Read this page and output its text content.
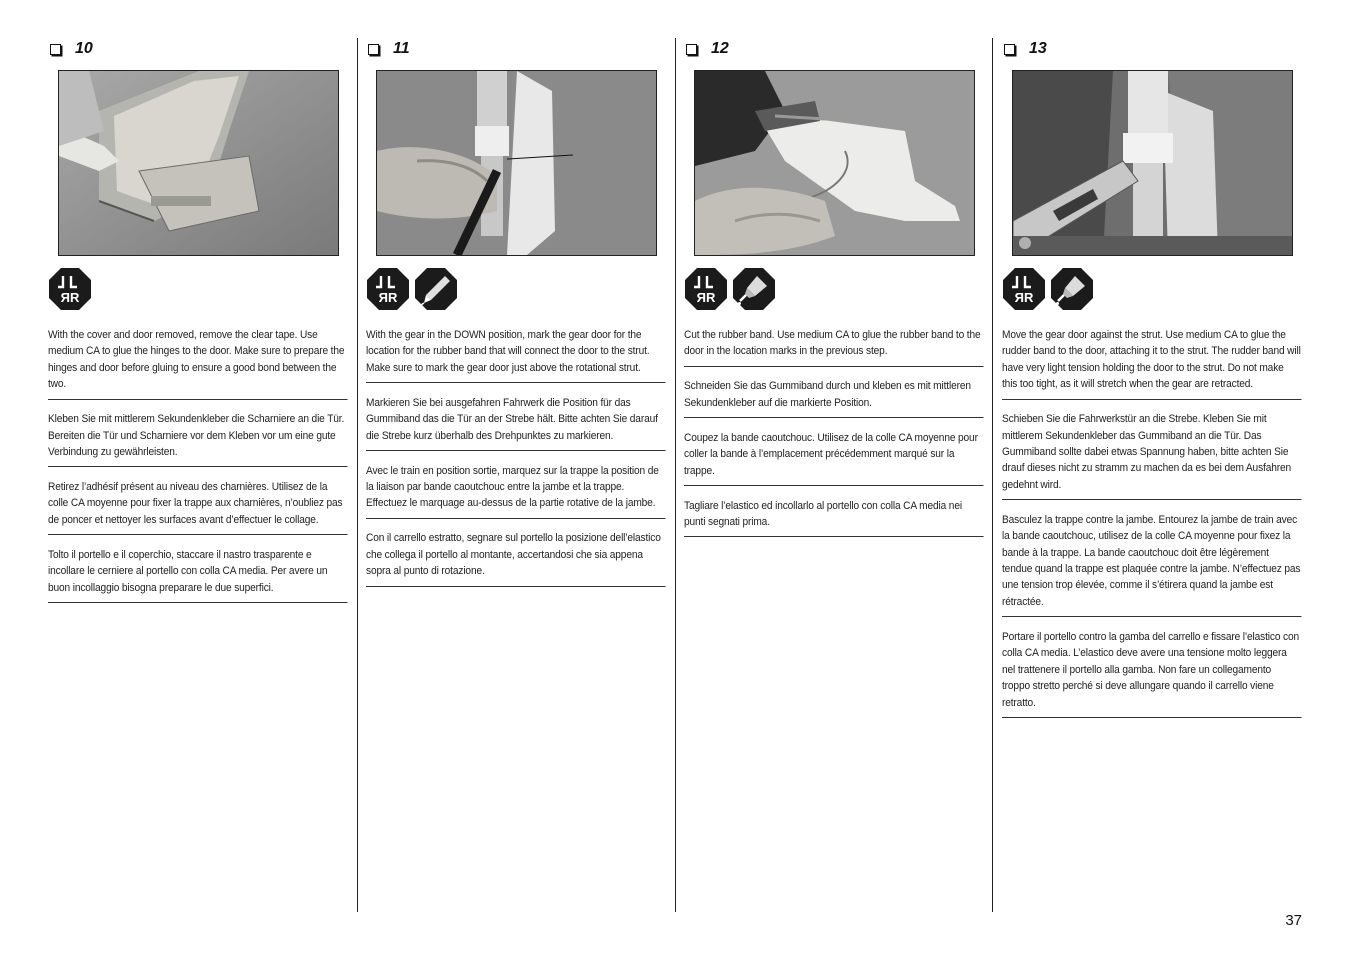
10
ЯR

With the cover and door removed, remove the clear tape. Use medium CA to glue the hinges to the door. Make sure to prepare the hinges and door before gluing to ensure a good bond between the two.

Kleben Sie mit mittlerem Sekundenkleber die Scharniere an die Tür. Bereiten die Tür und Scharniere vor dem Kleben vor um eine gute Verbindung zu gewährleisten.

Retirez l’adhésif présent au niveau des charnières. Utilisez de la colle CA moyenne pour fixer la trappe aux charnières, n’oubliez pas de poncer et nettoyer les surfaces avant d’effectuer le collage.

Tolto il portello e il coperchio, staccare il nastro trasparente e incollare le cerniere al portello con colla CA media. Per avere un buon incollaggio bisogna preparare le due superfici.

11
ЯR

With the gear in the DOWN position, mark the gear door for the location for the rubber band that will connect the door to the strut. Make sure to mark the gear door just above the rotational strut.

Markieren Sie bei ausgefahren Fahrwerk die Position für das Gummiband das die Tür an der Strebe hält. Bitte achten Sie darauf die Strebe kurz überhalb des Drehpunktes zu markieren.

Avec le train en position sortie, marquez sur la trappe la position de la liaison par bande caoutchouc entre la jambe et la trappe. Effectuez le marquage au-dessus de la partie rotative de la jambe.

Con il carrello estratto, segnare sul portello la posizione dell’elastico che collega il portello al montante, accertandosi che sia appena sopra al punto di rotazione.

12
ЯR

Cut the rubber band. Use medium CA to glue the rubber band to the door in the location marks in the previous step.

Schneiden Sie das Gummiband durch und kleben es mit mittleren Sekundenkleber auf die markierte Position.

Coupez la bande caoutchouc. Utilisez de la colle CA moyenne pour coller la bande à l’emplacement précédemment marqué sur la trappe.

Tagliare l’elastico ed incollarlo al portello con colla CA media nei punti segnati prima.

13
ЯR

Move the gear door against the strut. Use medium CA to glue the rudder band to the door, attaching it to the strut. The rudder band will have very light tension holding the door to the strut. Do not make this too tight, as it will stretch when the gear are retracted.

Schieben Sie die Fahrwerkstür an die Strebe. Kleben Sie mit mittlerem Sekundenkleber das Gummiband an die Tür. Das Gummiband sollte dabei etwas Spannung haben, bitte achten Sie drauf dieses nicht zu stramm zu machen da es bei dem Ausfahren gedehnt wird.

Basculez la trappe contre la jambe. Entourez la jambe de train avec la bande caoutchouc, utilisez de la colle CA moyenne pour fixez la bande à la trappe. La bande caoutchouc doit être légèrement tendue quand la trappe est plaquée contre la jambe. N’effectuez pas une tension trop élevée, comme il s’étirera quand la jambe est rétractée.

Portare il portello contro la gamba del carrello e fissare l’elastico con colla CA media. L’elastico deve avere una tensione molto leggera nel trattenere il portello alla gamba. Non fare un collegamento troppo stretto perché si deve allungare quando il carrello viene retratto.

37
